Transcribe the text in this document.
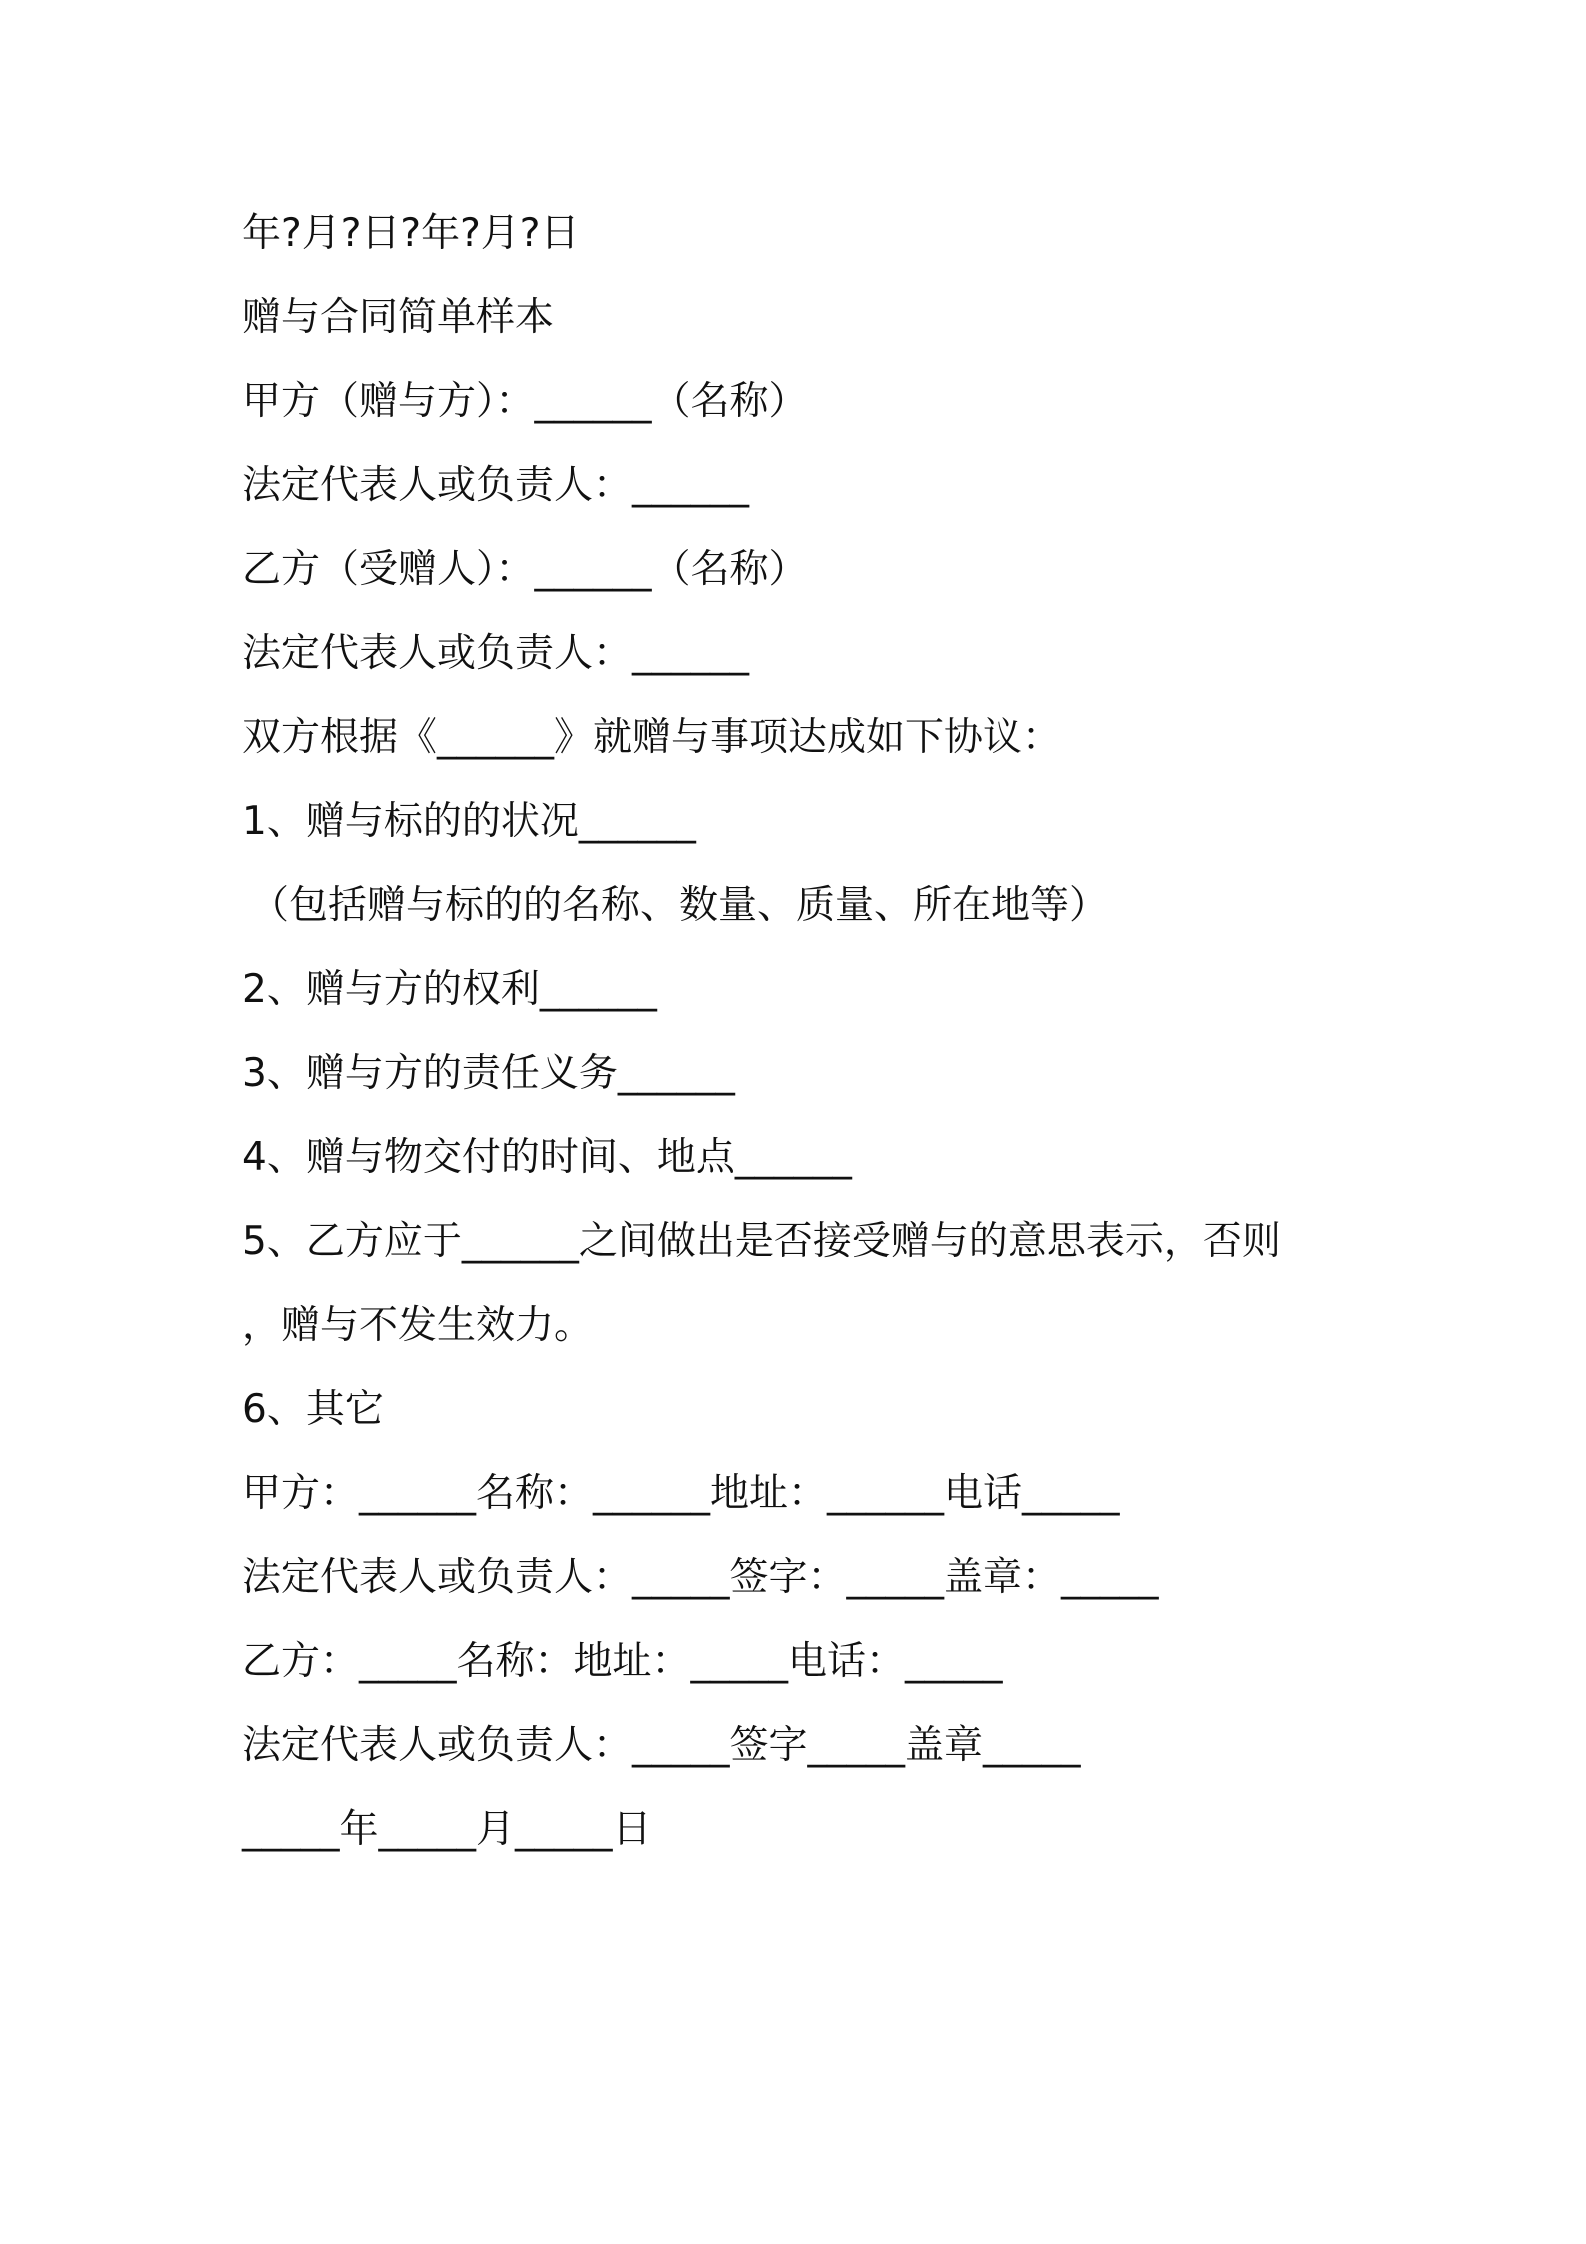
年?月?日?年?月?日
赠与合同简单样本
甲方（赠与方）：______（名称）
法定代表人或负责人：______
乙方（受赠人）：______（名称）
法定代表人或负责人：______
双方根据《______》就赠与事项达成如下协议：
1、赠与标的的状况______
（包括赠与标的的名称、数量、质量、所在地等）
2、赠与方的权利______
3、赠与方的责任义务______
4、赠与物交付的时间、地点______
5、乙方应于______之间做出是否接受赠与的意思表示，否则
，赠与不发生效力。
6、其它
甲方：______名称：______地址：______电话_____
法定代表人或负责人：_____签字：_____盖章：_____
乙方：_____名称：地址：_____电话：_____
法定代表人或负责人：_____签字_____盖章_____
_____年_____月_____日
